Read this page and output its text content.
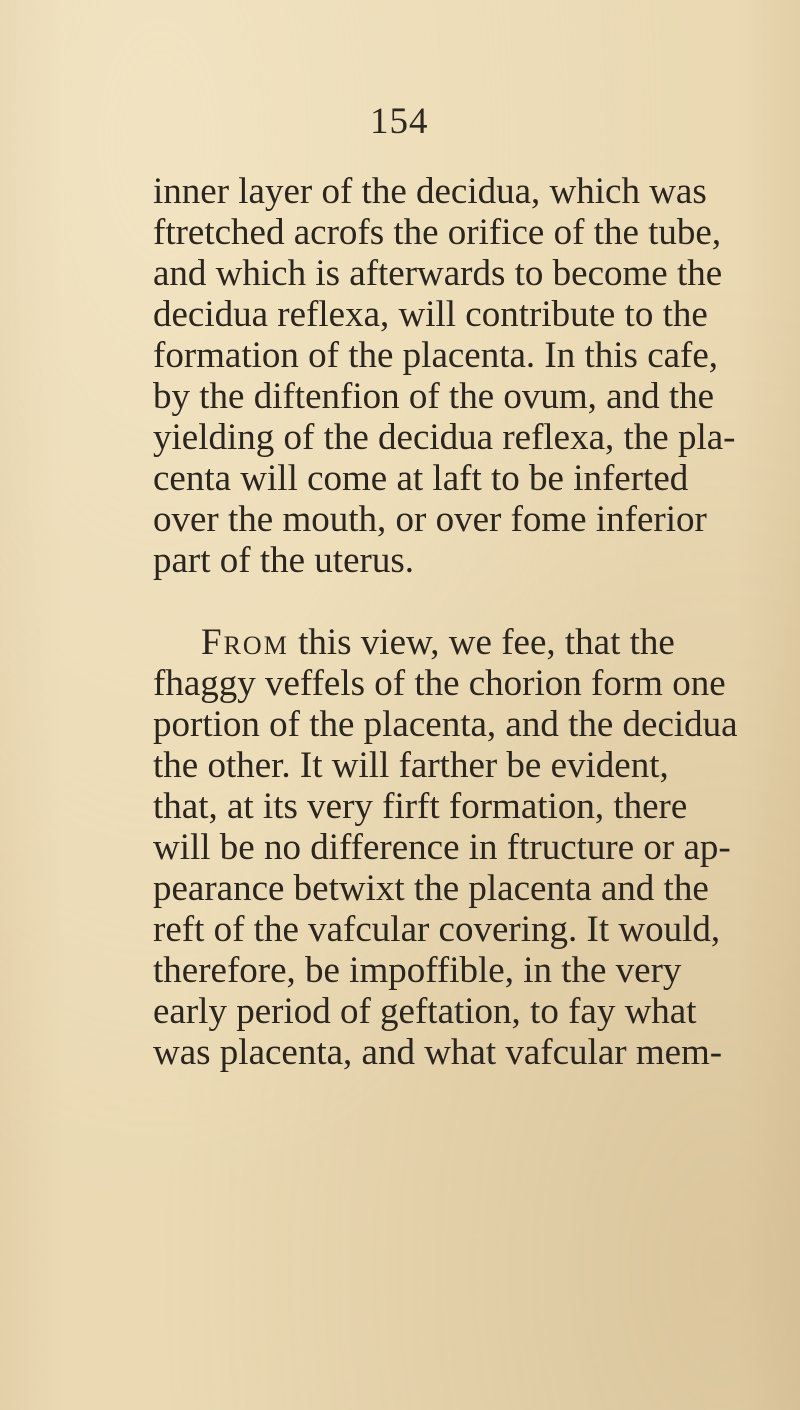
154
inner layer of the decidua, which was
ftretched acrofs the orifice of the tube,
and which is afterwards to become the
decidua reflexa, will contribute to the
formation of the placenta. In this cafe,
by the diftenfion of the ovum, and the
yielding of the decidua reflexa, the pla-
centa will come at laft to be inferted
over the mouth, or over fome inferior
part of the uterus.
From this view, we fee, that the
fhaggy veffels of the chorion form one
portion of the placenta, and the decidua
the other. It will farther be evident,
that, at its very firft formation, there
will be no difference in ftructure or ap-
pearance betwixt the placenta and the
reft of the vafcular covering. It would,
therefore, be impoffible, in the very
early period of geftation, to fay what
was placenta, and what vafcular mem-
